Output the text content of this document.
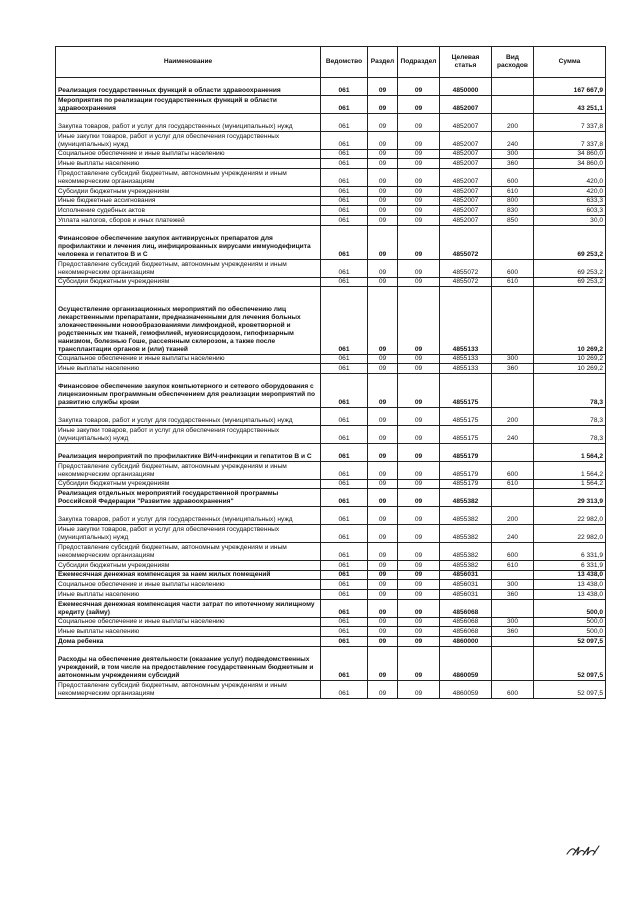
Наименование	Ведомство	Раздел	Подраздел	Целевая статья	Вид расходов	Сумма
Реализация государственных функций в области здравоохранения	061	09	09	4850000		167 667,9
Мероприятия по реализации государственных функций в области здравоохранения	061	09	09	4852007		43 251,1
Закупка товаров, работ и услуг для государственных (муниципальных) нужд	061	09	09	4852007	200	7 337,8
Иные закупки товаров, работ и услуг для обеспечения государственных (муниципальных) нужд	061	09	09	4852007	240	7 337,8
Социальное обеспечение и иные выплаты населению	061	09	09	4852007	300	34 860,0
Иные выплаты населению	061	09	09	4852007	360	34 860,0
Предоставление субсидий бюджетным, автономным учреждениям и иным некоммерческим организациям	061	09	09	4852007	600	420,0
Субсидии бюджетным учреждениям	061	09	09	4852007	610	420,0
Иные бюджетные ассигнования	061	09	09	4852007	800	633,3
Исполнение судебных актов	061	09	09	4852007	830	603,3
Уплата налогов, сборов и иных платежей	061	09	09	4852007	850	30,0
Финансовое обеспечение закупок антивирусных препаратов для профилактики и лечения лиц, инфицированных вирусами иммунодефицита человека и гепатитов В и С	061	09	09	4855072		69 253,2
Предоставление субсидий бюджетным, автономным учреждениям и иным некоммерческим организациям	061	09	09	4855072	600	69 253,2
Субсидии бюджетным учреждениям	061	09	09	4855072	610	69 253,2
Осуществление организационных мероприятий по обеспечению лиц лекарственными препаратами, предназначенными для лечения больных злокачественными новообразованиями лимфоидной, кроветворной и родственных им тканей, гемофилией, муковисцидозом, гипофизарным нанизмом, болезнью Гоше, рассеянным склерозом, а также после трансплантации органов и (или) тканей	061	09	09	4855133		10 269,2
Социальное обеспечение и иные выплаты населению	061	09	09	4855133	300	10 269,2
Иные выплаты населению	061	09	09	4855133	360	10 269,2
Финансовое обеспечение закупок компьютерного и сетевого оборудования с лицензионным программным обеспечением для реализации мероприятий по развитию службы крови	061	09	09	4855175		78,3
Закупка товаров, работ и услуг для государственных (муниципальных) нужд	061	09	09	4855175	200	78,3
Иные закупки товаров, работ и услуг для обеспечения государственных (муниципальных) нужд	061	09	09	4855175	240	78,3
Реализация мероприятий по профилактике ВИЧ-инфекции и гепатитов В и С	061	09	09	4855179		1 564,2
Предоставление субсидий бюджетным, автономным учреждениям и иным некоммерческим организациям	061	09	09	4855179	600	1 564,2
Субсидии бюджетным учреждениям	061	09	09	4855179	610	1 564,2
Реализация отдельных мероприятий государственной программы Российской Федерации "Развитие здравоохранения"	061	09	09	4855382		29 313,9
Закупка товаров, работ и услуг для государственных (муниципальных) нужд	061	09	09	4855382	200	22 982,0
Иные закупки товаров, работ и услуг для обеспечения государственных (муниципальных) нужд	061	09	09	4855382	240	22 982,0
Предоставление субсидий бюджетным, автономным учреждениям и иным некоммерческим организациям	061	09	09	4855382	600	6 331,9
Субсидии бюджетным учреждениям	061	09	09	4855382	610	6 331,9
Ежемесячная денежная компенсация за наем жилых помещений	061	09	09	4856031		13 438,0
Социальное обеспечение и иные выплаты населению	061	09	09	4856031	300	13 438,0
Иные выплаты населению	061	09	09	4856031	360	13 438,0
Ежемесячная денежная компенсация части затрат по ипотечному жилищному кредиту (займу)	061	09	09	4856068		500,0
Социальное обеспечение и иные выплаты населению	061	09	09	4856068	300	500,0
Иные выплаты населению	061	09	09	4856068	360	500,0
Дома ребенка	061	09	09	4860000		52 097,5
Расходы на обеспечение деятельности (оказание услуг) подведомственных учреждений, в том числе на предоставление государственным бюджетным и автономным учреждениям субсидий	061	09	09	4860059		52 097,5
Предоставление субсидий бюджетным, автономным учреждениям и иным некоммерческим организациям	061	09	09	4860059	600	52 097,5
